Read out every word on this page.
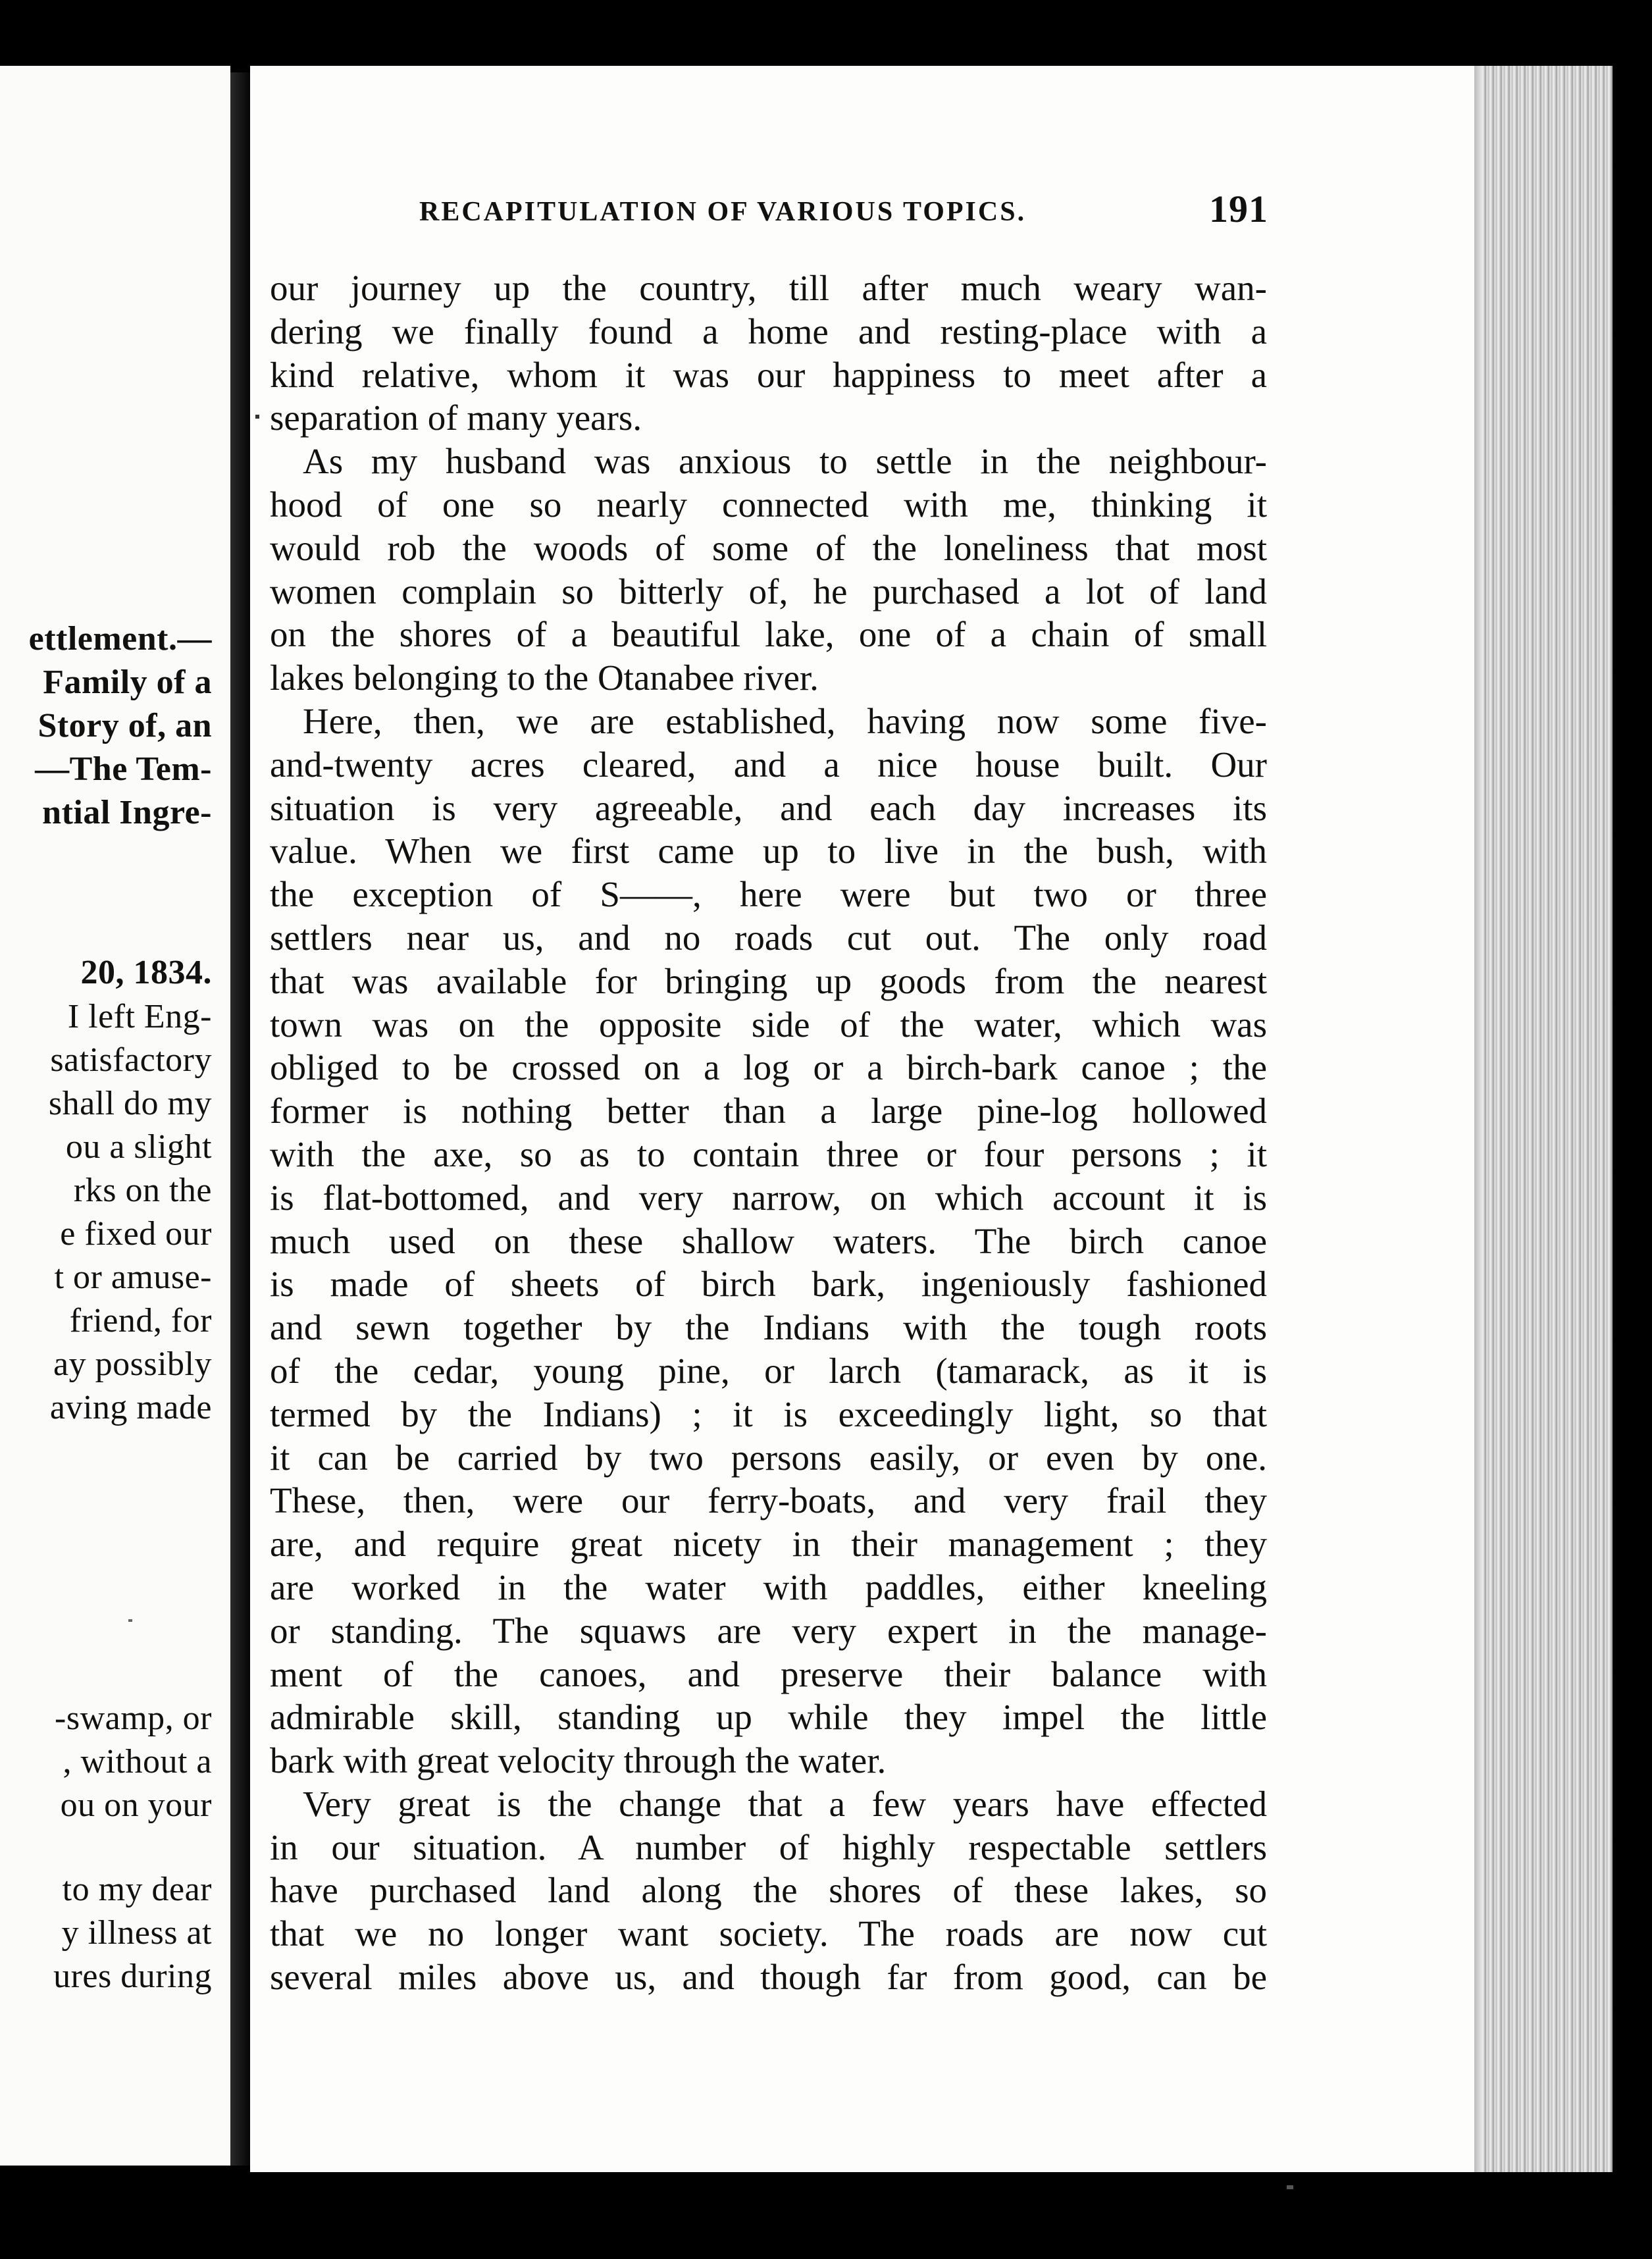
ettlement.—
Family of a
Story of, an
—The Tem-
ntial Ingre-
20, 1834.
I left Eng-
satisfactory
shall do my
ou a slight
rks on the
e fixed our
t or amuse-
friend, for
ay possibly
aving made
-swamp, or
, without a
ou on your
to my dear
y illness at
ures during
RECAPITULATION OF VARIOUS TOPICS.	191
our journey up the country, till after much weary wan-
dering we finally found a home and resting-place with a
kind relative, whom it was our happiness to meet after a
separation of many years.
As my husband was anxious to settle in the neighbour-
hood of one so nearly connected with me, thinking it
would rob the woods of some of the loneliness that most
women complain so bitterly of, he purchased a lot of land
on the shores of a beautiful lake, one of a chain of small
lakes belonging to the Otanabee river.
Here, then, we are established, having now some five-
and-twenty acres cleared, and a nice house built. Our
situation is very agreeable, and each day increases its
value. When we first came up to live in the bush, with
the exception of S——, here were but two or three
settlers near us, and no roads cut out. The only road
that was available for bringing up goods from the nearest
town was on the opposite side of the water, which was
obliged to be crossed on a log or a birch-bark canoe ; the
former is nothing better than a large pine-log hollowed
with the axe, so as to contain three or four persons ; it
is flat-bottomed, and very narrow, on which account it is
much used on these shallow waters. The birch canoe
is made of sheets of birch bark, ingeniously fashioned
and sewn together by the Indians with the tough roots
of the cedar, young pine, or larch (tamarack, as it is
termed by the Indians) ; it is exceedingly light, so that
it can be carried by two persons easily, or even by one.
These, then, were our ferry-boats, and very frail they
are, and require great nicety in their management ; they
are worked in the water with paddles, either kneeling
or standing. The squaws are very expert in the manage-
ment of the canoes, and preserve their balance with
admirable skill, standing up while they impel the little
bark with great velocity through the water.
Very great is the change that a few years have effected
in our situation. A number of highly respectable settlers
have purchased land along the shores of these lakes, so
that we no longer want society. The roads are now cut
several miles above us, and though far from good, can be
